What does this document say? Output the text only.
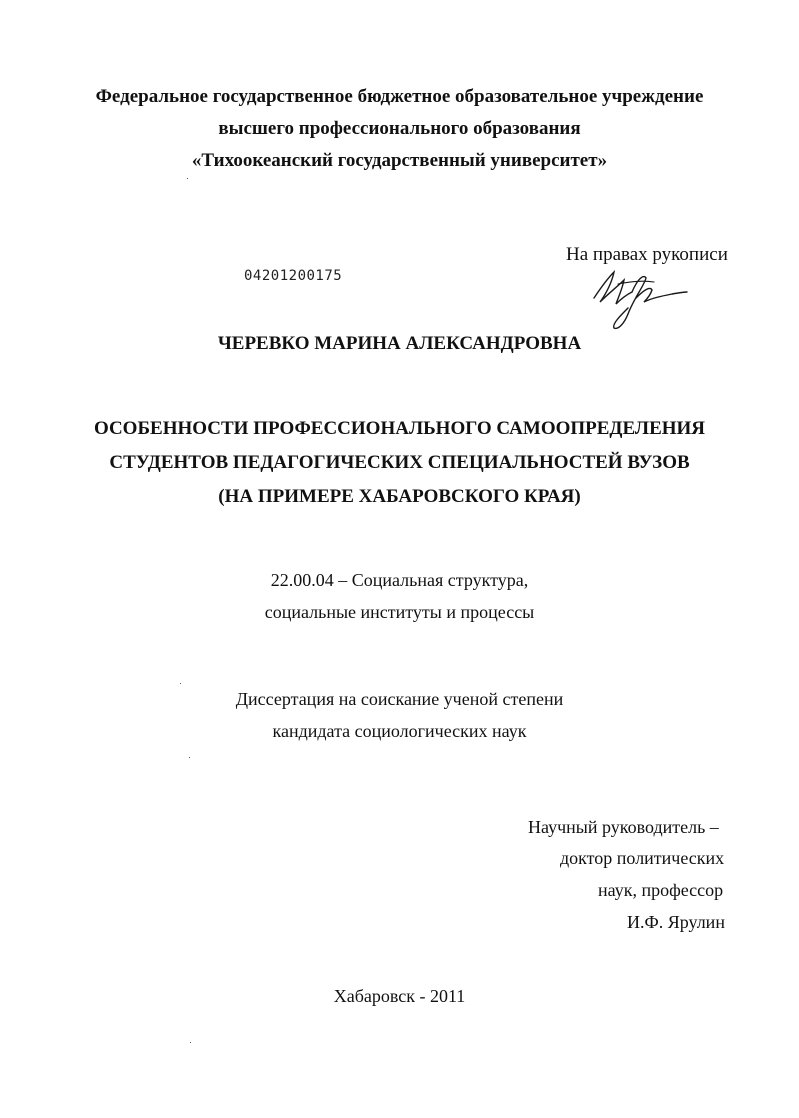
Федеральное государственное бюджетное образовательное учреждение
высшего профессионального образования
«Тихоокеанский государственный университет»
На правах рукописи
04201200175
ЧЕРЕВКО МАРИНА АЛЕКСАНДРОВНА
ОСОБЕННОСТИ ПРОФЕССИОНАЛЬНОГО САМООПРЕДЕЛЕНИЯ
СТУДЕНТОВ ПЕДАГОГИЧЕСКИХ СПЕЦИАЛЬНОСТЕЙ ВУЗОВ
(НА ПРИМЕРЕ ХАБАРОВСКОГО КРАЯ)
22.00.04 – Социальная структура,
социальные институты и процессы
Диссертация на соискание ученой степени
кандидата социологических наук
Научный руководитель –
доктор политических
наук, профессор
И.Ф. Ярулин
Хабаровск - 2011
